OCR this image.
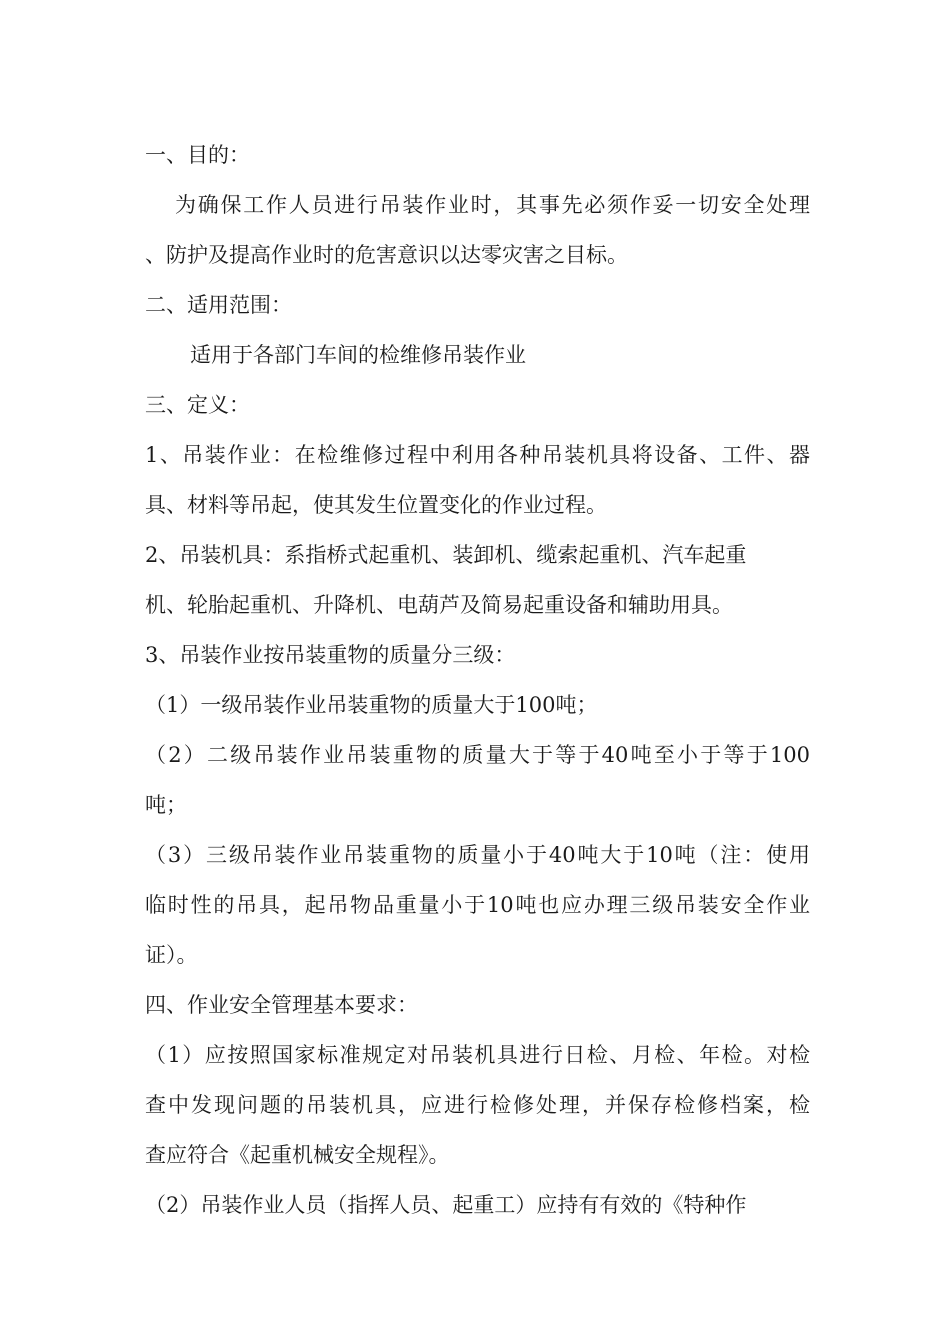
一、目的：
为确保工作人员进行吊装作业时，其事先必须作妥一切安全处理
、防护及提高作业时的危害意识以达零灾害之目标。
二、适用范围：
适用于各部门车间的检维修吊装作业
三、定义：
1、吊装作业：在检维修过程中利用各种吊装机具将设备、工件、器
具、材料等吊起，使其发生位置变化的作业过程。
2、吊装机具：系指桥式起重机、装卸机、缆索起重机、汽车起重
机、轮胎起重机、升降机、电葫芦及简易起重设备和辅助用具。
3、吊装作业按吊装重物的质量分三级：
（1）一级吊装作业吊装重物的质量大于100吨；
（2）二级吊装作业吊装重物的质量大于等于40吨至小于等于100
吨；
（3）三级吊装作业吊装重物的质量小于40吨大于10吨（注：使用
临时性的吊具，起吊物品重量小于10吨也应办理三级吊装安全作业
证）。
四、作业安全管理基本要求：
（1）应按照国家标准规定对吊装机具进行日检、月检、年检。对检
查中发现问题的吊装机具，应进行检修处理，并保存检修档案，检
查应符合《起重机械安全规程》。
（2）吊装作业人员（指挥人员、起重工）应持有有效的《特种作
